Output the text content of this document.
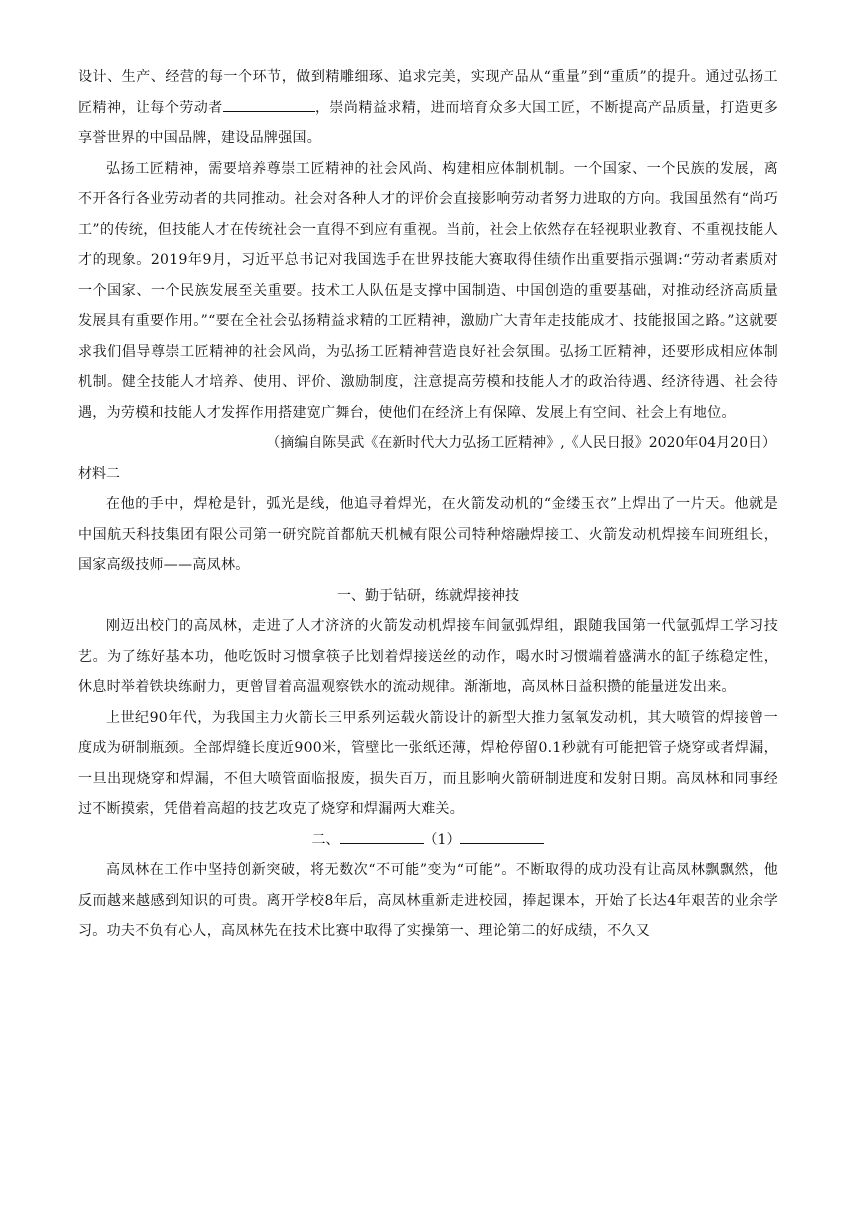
设计、生产、经营的每一个环节，做到精雕细琢、追求完美，实现产品从“重量”到“重质”的提升。通过弘扬工匠精神，让每个劳动者	，崇尚精益求精，进而培育众多大国工匠，不断提高产品质量，打造更多享誉世界的中国品牌，建设品牌强国。

弘扬工匠精神，需要培养尊崇工匠精神的社会风尚、构建相应体制机制。一个国家、一个民族的发展，离不开各行各业劳动者的共同推动。社会对各种人才的评价会直接影响劳动者努力进取的方向。我国虽然有“尚巧工”的传统，但技能人才在传统社会一直得不到应有重视。当前，社会上依然存在轻视职业教育、不重视技能人才的现象。2019年9月，习近平总书记对我国选手在世界技能大赛取得佳绩作出重要指示强调:“劳动者素质对一个国家、一个民族发展至关重要。技术工人队伍是支撑中国制造、中国创造的重要基础，对推动经济高质量发展具有重要作用。”“要在全社会弘扬精益求精的工匠精神，激励广大青年走技能成才、技能报国之路。”这就要求我们倡导尊崇工匠精神的社会风尚，为弘扬工匠精神营造良好社会氛围。弘扬工匠精神，还要形成相应体制机制。健全技能人才培养、使用、评价、激励制度，注意提高劳模和技能人才的政治待遇、经济待遇、社会待遇，为劳模和技能人才发挥作用搭建宽广舞台，使他们在经济上有保障、发展上有空间、社会上有地位。

（摘编自陈昊武《在新时代大力弘扬工匠精神》,《人民日报》2020年04月20日）

材料二

在他的手中，焊枪是针，弧光是线，他追寻着焊光，在火箭发动机的“金缕玉衣”上焊出了一片天。他就是中国航天科技集团有限公司第一研究院首都航天机械有限公司特种熔融焊接工、火箭发动机焊接车间班组长，国家高级技师——高凤林。

一、勤于钻研，练就焊接神技

刚迈出校门的高凤林，走进了人才济济的火箭发动机焊接车间氩弧焊组，跟随我国第一代氩弧焊工学习技艺。为了练好基本功，他吃饭时习惯拿筷子比划着焊接送丝的动作，喝水时习惯端着盛满水的缸子练稳定性，休息时举着铁块练耐力，更曾冒着高温观察铁水的流动规律。渐渐地，高凤林日益积攒的能量迸发出来。

上世纪90年代，为我国主力火箭长三甲系列运载火箭设计的新型大推力氢氧发动机，其大喷管的焊接曾一度成为研制瓶颈。全部焊缝长度近900米，管壁比一张纸还薄，焊枪停留0.1秒就有可能把管子烧穿或者焊漏，一旦出现烧穿和焊漏，不但大喷管面临报废，损失百万，而且影响火箭研制进度和发射日期。高凤林和同事经过不断摸索，凭借着高超的技艺攻克了烧穿和焊漏两大难关。

二、	（1）

高凤林在工作中坚持创新突破，将无数次“不可能”变为“可能”。不断取得的成功没有让高凤林飘飘然，他反而越来越感到知识的可贵。离开学校8年后，高凤林重新走进校园，捧起课本，开始了长达4年艰苦的业余学习。功夫不负有心人，高凤林先在技术比赛中取得了实操第一、理论第二的好成绩，不久又
